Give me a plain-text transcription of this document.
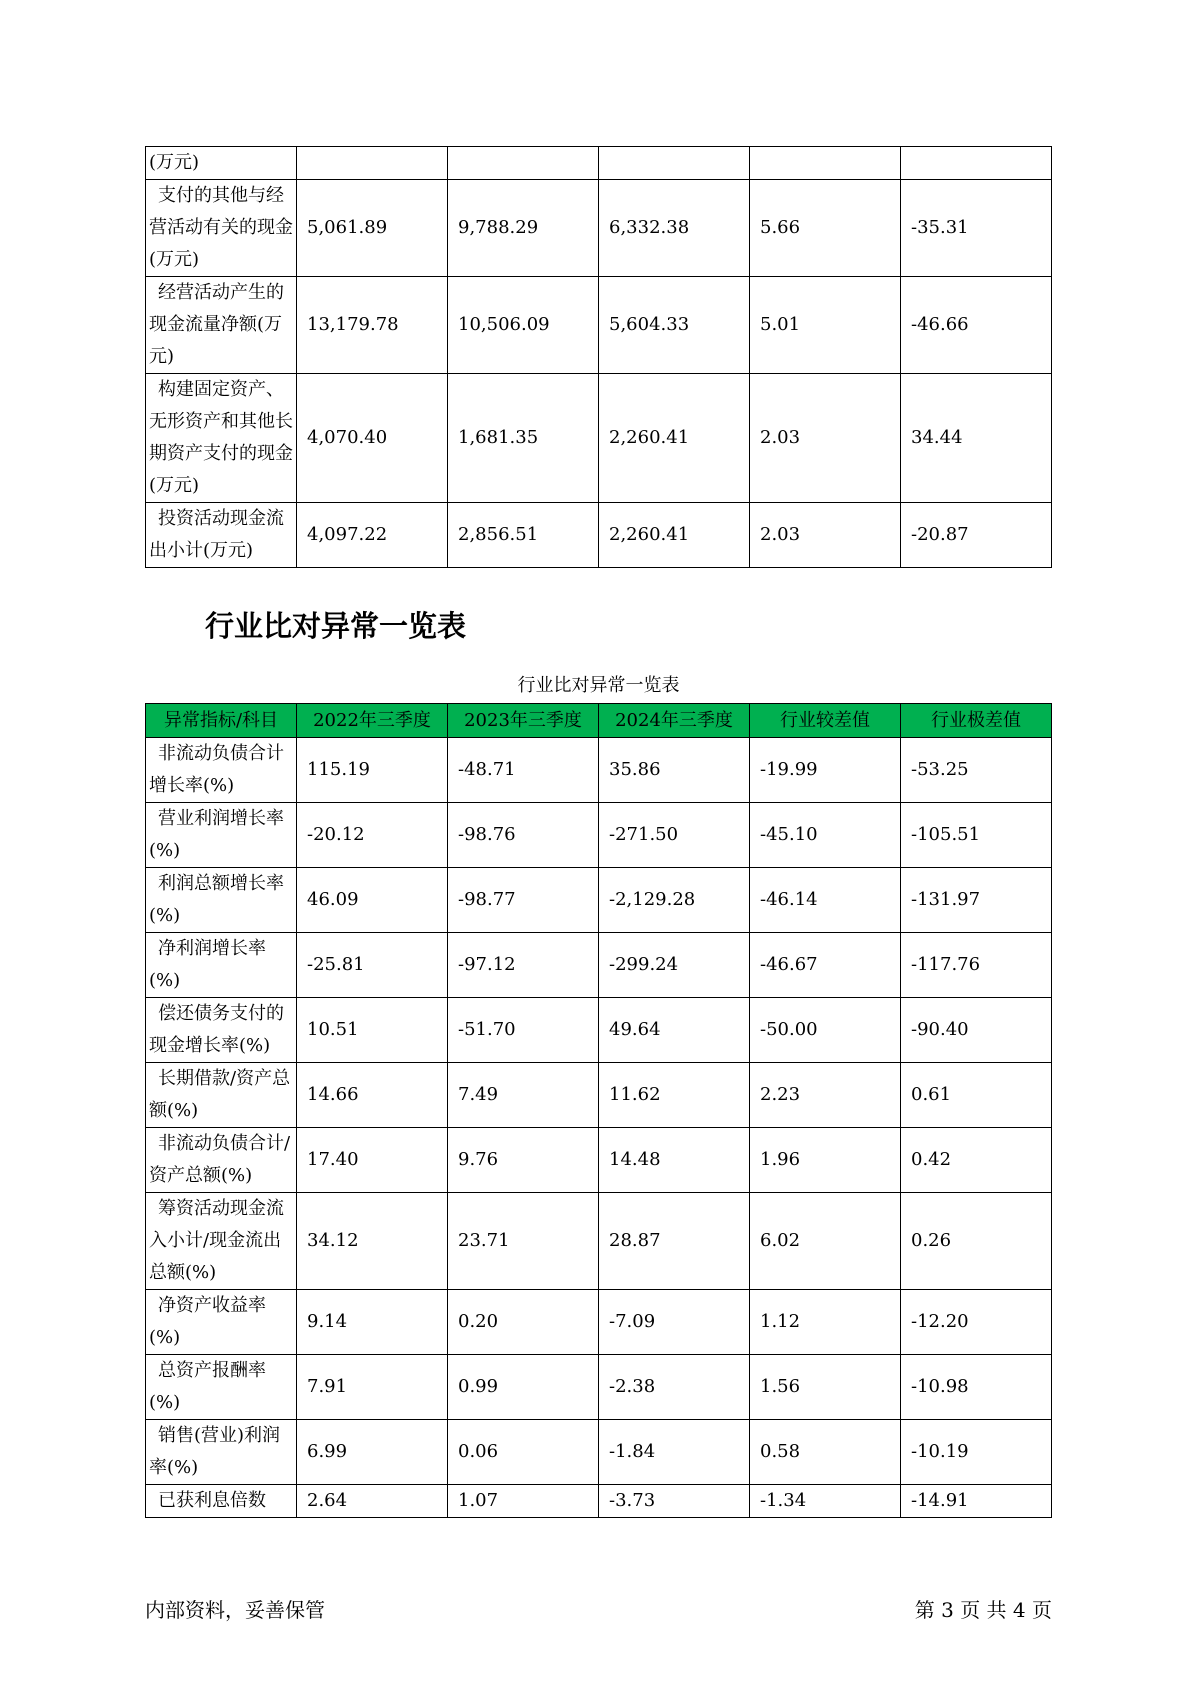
(万元)					
支付的其他与经营活动有关的现金(万元)	5,061.89	9,788.29	6,332.38	5.66	-35.31
经营活动产生的现金流量净额(万元)	13,179.78	10,506.09	5,604.33	5.01	-46.66
构建固定资产、无形资产和其他长期资产支付的现金(万元)	4,070.40	1,681.35	2,260.41	2.03	34.44
投资活动现金流出小计(万元)	4,097.22	2,856.51	2,260.41	2.03	-20.87
行业比对异常一览表
行业比对异常一览表
异常指标/科目	2022年三季度	2023年三季度	2024年三季度	行业较差值	行业极差值
非流动负债合计增长率(%)	115.19	-48.71	35.86	-19.99	-53.25
营业利润增长率(%)	-20.12	-98.76	-271.50	-45.10	-105.51
利润总额增长率(%)	46.09	-98.77	-2,129.28	-46.14	-131.97
净利润增长率(%)	-25.81	-97.12	-299.24	-46.67	-117.76
偿还债务支付的现金增长率(%)	10.51	-51.70	49.64	-50.00	-90.40
长期借款/资产总额(%)	14.66	7.49	11.62	2.23	0.61
非流动负债合计/资产总额(%)	17.40	9.76	14.48	1.96	0.42
筹资活动现金流入小计/现金流出总额(%)	34.12	23.71	28.87	6.02	0.26
净资产收益率(%)	9.14	0.20	-7.09	1.12	-12.20
总资产报酬率(%)	7.91	0.99	-2.38	1.56	-10.98
销售(营业)利润率(%)	6.99	0.06	-1.84	0.58	-10.19
已获利息倍数	2.64	1.07	-3.73	-1.34	-14.91
内部资料，妥善保管	第 3 页 共 4 页
